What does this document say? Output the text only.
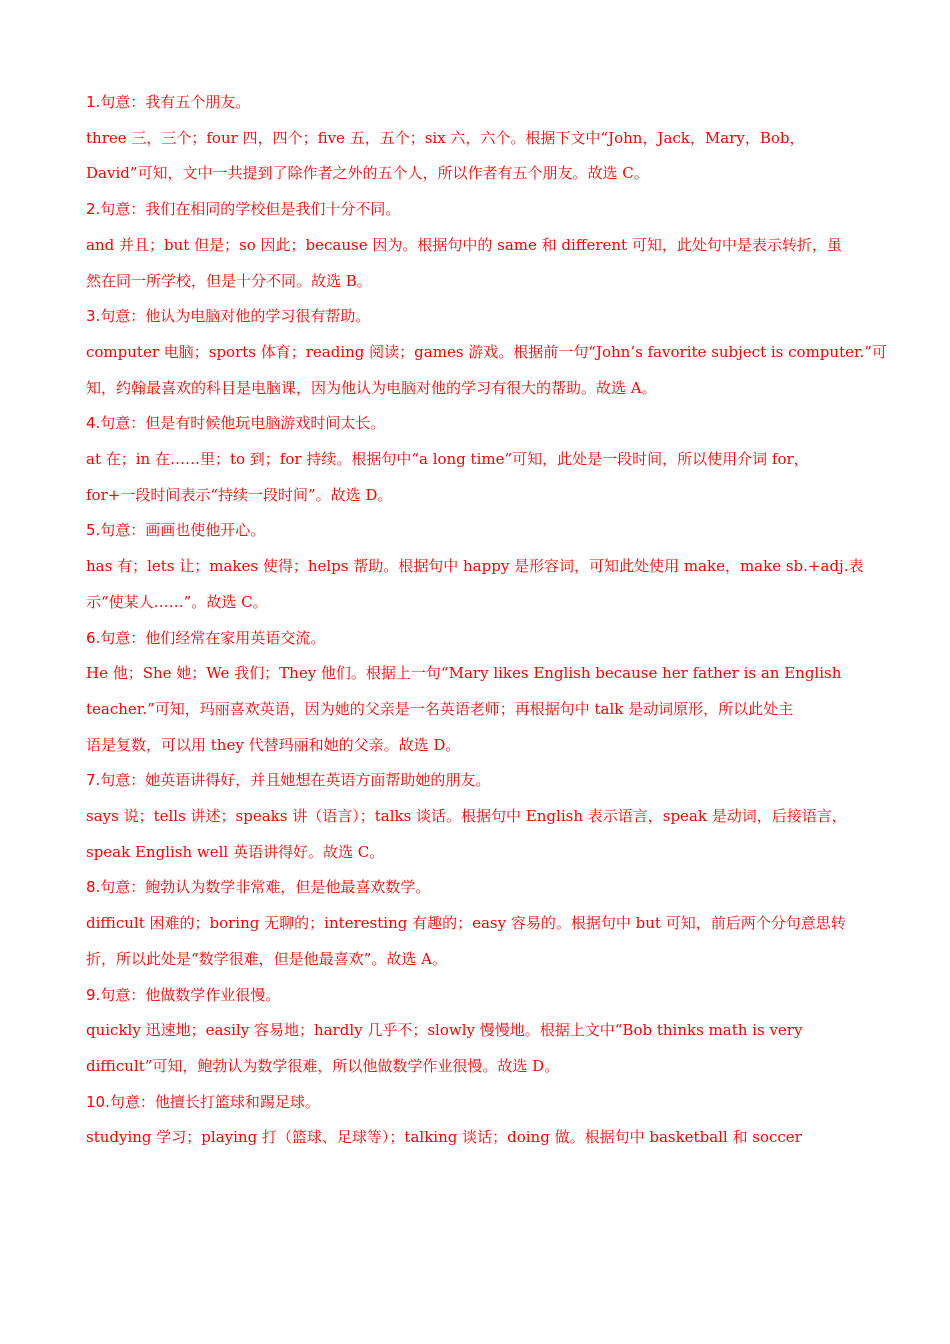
1.句意：我有五个朋友。
three 三，三个；four 四，四个；five 五，五个；six 六，六个。根据下文中“John，Jack，Mary，Bob，
David”可知，文中一共提到了除作者之外的五个人，所以作者有五个朋友。故选 C。
2.句意：我们在相同的学校但是我们十分不同。
and 并且；but 但是；so 因此；because 因为。根据句中的 same 和 different 可知，此处句中是表示转折，虽
然在同一所学校，但是十分不同。故选 B。
3.句意：他认为电脑对他的学习很有帮助。
computer 电脑；sports 体育；reading 阅读；games 游戏。根据前一句“John’s favorite subject is computer.”可
知，约翰最喜欢的科目是电脑课，因为他认为电脑对他的学习有很大的帮助。故选 A。
4.句意：但是有时候他玩电脑游戏时间太长。
at 在；in 在……里；to 到；for 持续。根据句中“a long time”可知，此处是一段时间，所以使用介词 for，
for+一段时间表示“持续一段时间”。故选 D。
5.句意：画画也使他开心。
has 有；lets 让；makes 使得；helps 帮助。根据句中 happy 是形容词，可知此处使用 make，make sb.+adj.表
示“使某人……”。故选 C。
6.句意：他们经常在家用英语交流。
He 他；She 她；We 我们；They 他们。根据上一句“Mary likes English because her father is an English
teacher.”可知，玛丽喜欢英语，因为她的父亲是一名英语老师；再根据句中 talk 是动词原形，所以此处主
语是复数，可以用 they 代替玛丽和她的父亲。故选 D。
7.句意：她英语讲得好，并且她想在英语方面帮助她的朋友。
says 说；tells 讲述；speaks 讲（语言）；talks 谈话。根据句中 English 表示语言，speak 是动词，后接语言，
speak English well 英语讲得好。故选 C。
8.句意：鲍勃认为数学非常难，但是他最喜欢数学。
difficult 困难的；boring 无聊的；interesting 有趣的；easy 容易的。根据句中 but 可知，前后两个分句意思转
折，所以此处是“数学很难，但是他最喜欢”。故选 A。
9.句意：他做数学作业很慢。
quickly 迅速地；easily 容易地；hardly 几乎不；slowly 慢慢地。根据上文中“Bob thinks math is very
difficult”可知，鲍勃认为数学很难，所以他做数学作业很慢。故选 D。
10.句意：他擅长打篮球和踢足球。
studying 学习；playing 打（篮球、足球等）；talking 谈话；doing 做。根据句中 basketball 和 soccer
